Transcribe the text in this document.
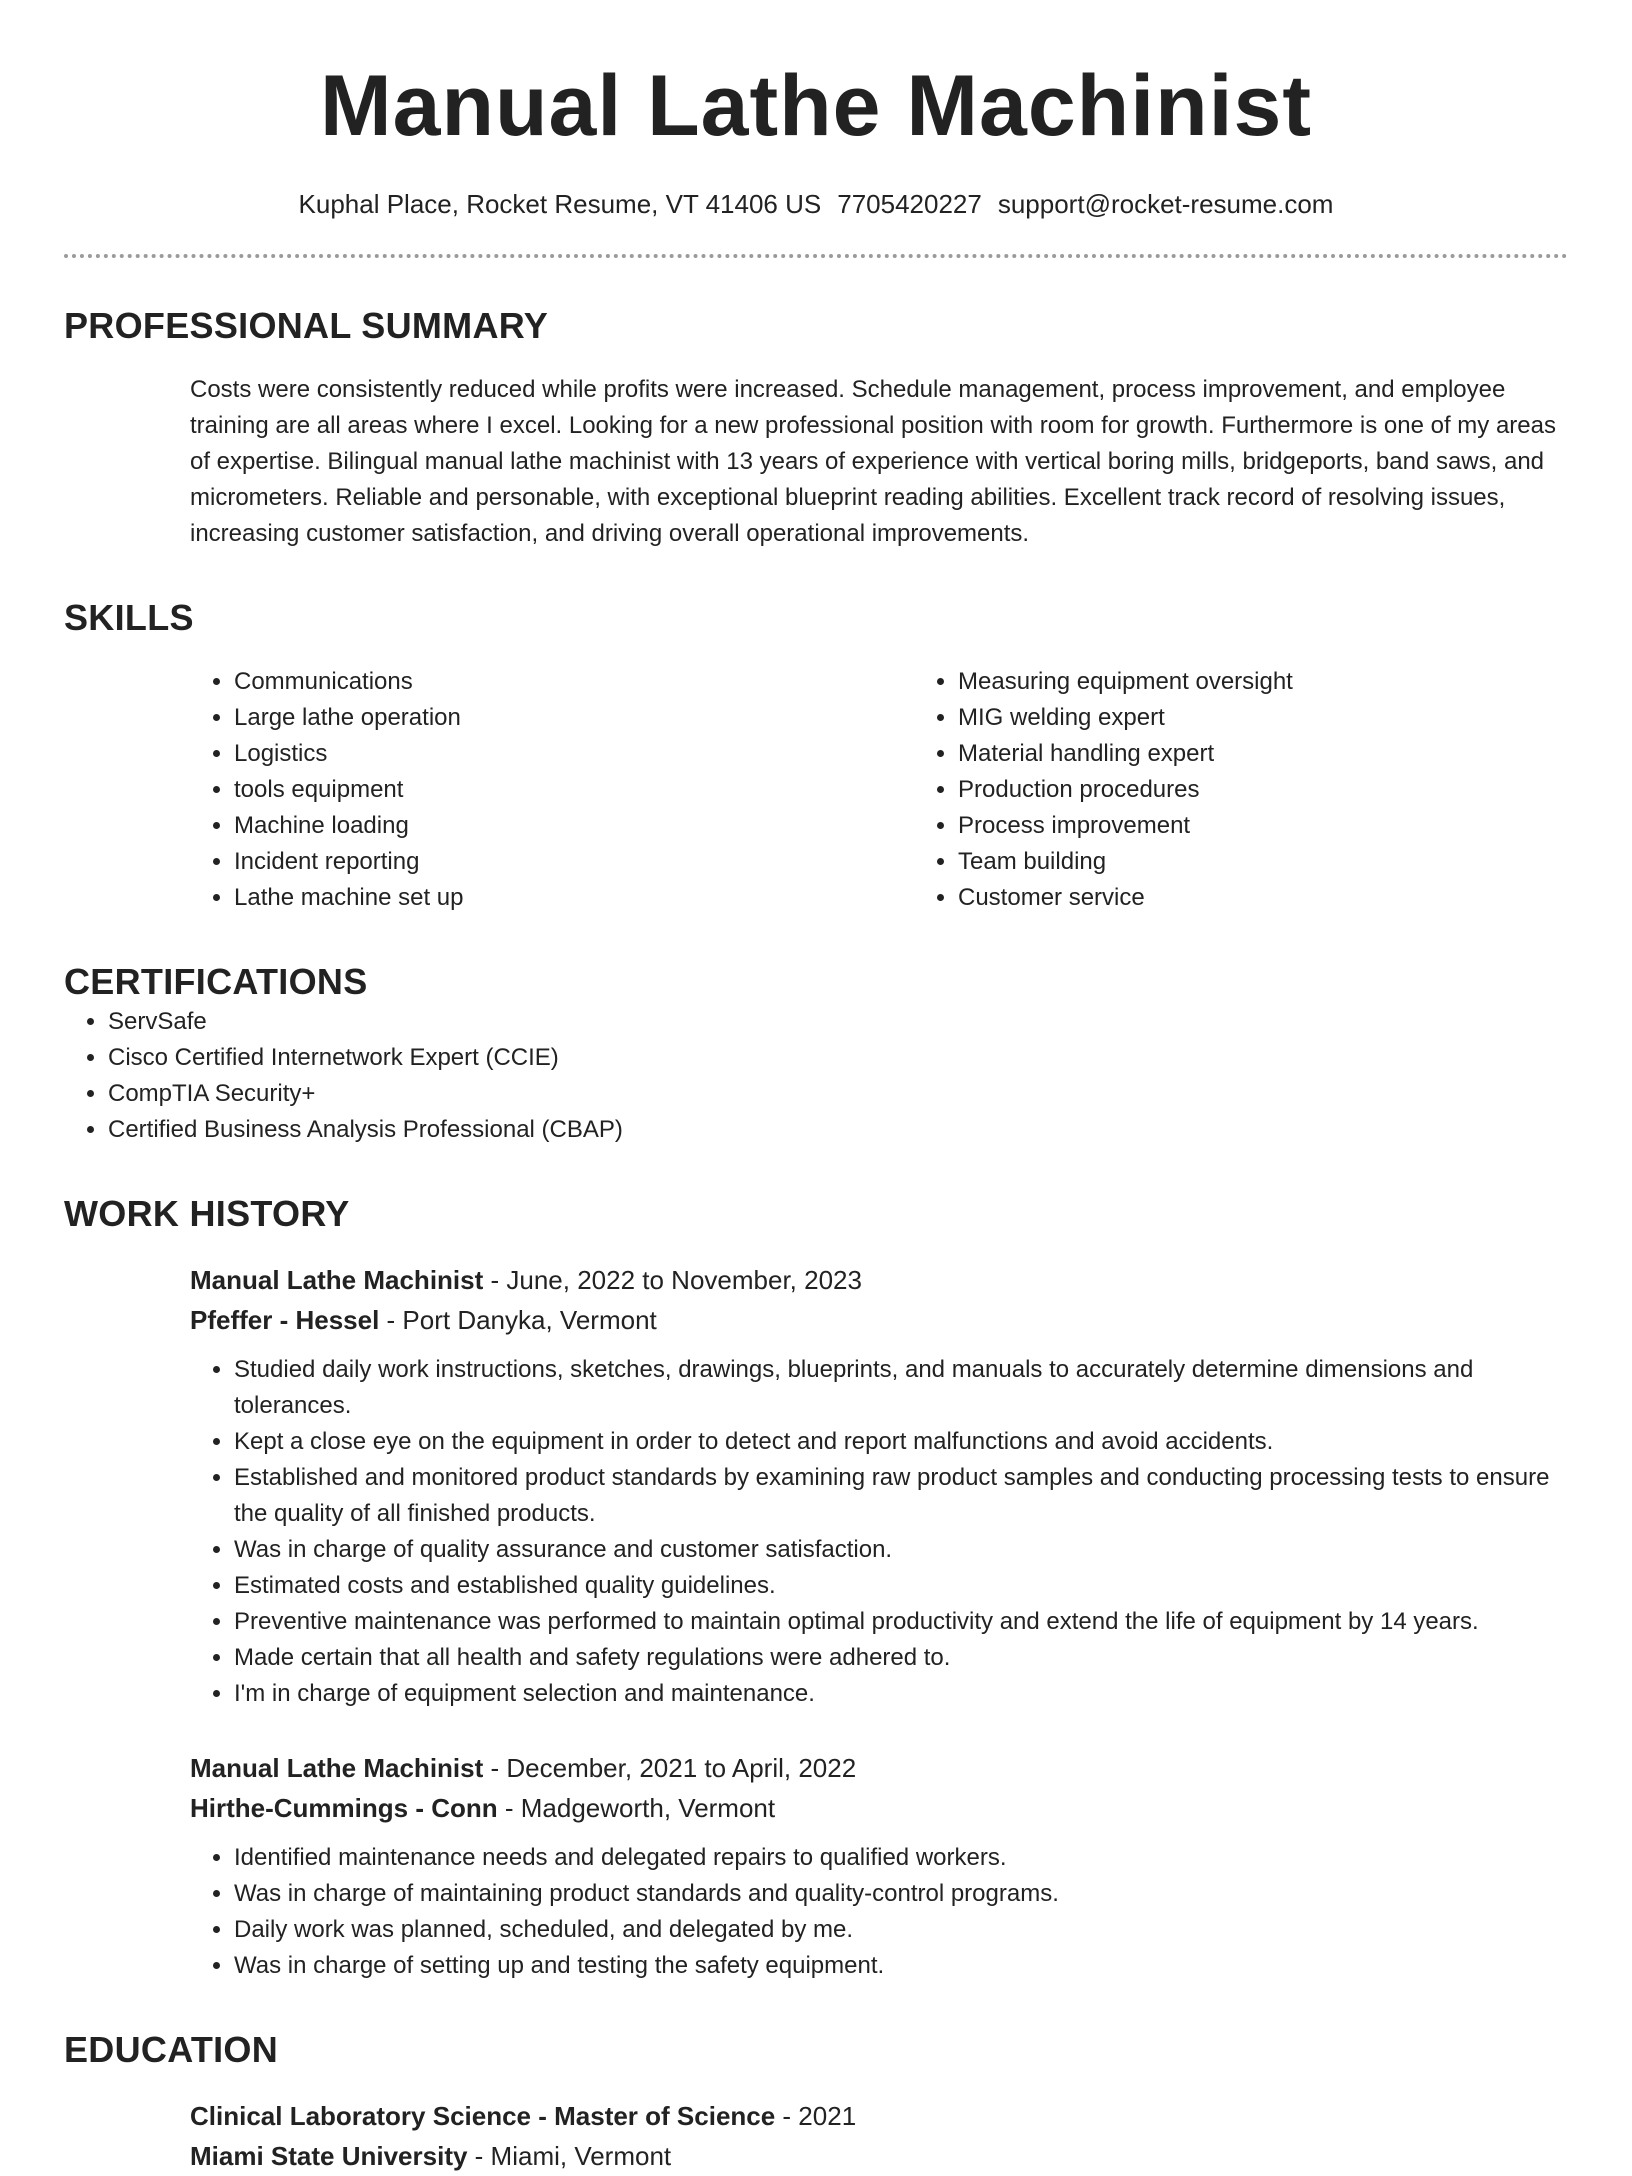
Manual Lathe Machinist
Kuphal Place, Rocket Resume, VT 41406 US 7705420227 support@rocket-resume.com
PROFESSIONAL SUMMARY
Costs were consistently reduced while profits were increased. Schedule management, process improvement, and employee training are all areas where I excel. Looking for a new professional position with room for growth. Furthermore is one of my areas of expertise. Bilingual manual lathe machinist with 13 years of experience with vertical boring mills, bridgeports, band saws, and micrometers. Reliable and personable, with exceptional blueprint reading abilities. Excellent track record of resolving issues, increasing customer satisfaction, and driving overall operational improvements.
SKILLS
• Communications
• Large lathe operation
• Logistics
• tools equipment
• Machine loading
• Incident reporting
• Lathe machine set up
• Measuring equipment oversight
• MIG welding expert
• Material handling expert
• Production procedures
• Process improvement
• Team building
• Customer service
CERTIFICATIONS
• ServSafe
• Cisco Certified Internetwork Expert (CCIE)
• CompTIA Security+
• Certified Business Analysis Professional (CBAP)
WORK HISTORY
Manual Lathe Machinist - June, 2022 to November, 2023
Pfeffer - Hessel - Port Danyka, Vermont
• Studied daily work instructions, sketches, drawings, blueprints, and manuals to accurately determine dimensions and tolerances.
• Kept a close eye on the equipment in order to detect and report malfunctions and avoid accidents.
• Established and monitored product standards by examining raw product samples and conducting processing tests to ensure the quality of all finished products.
• Was in charge of quality assurance and customer satisfaction.
• Estimated costs and established quality guidelines.
• Preventive maintenance was performed to maintain optimal productivity and extend the life of equipment by 14 years.
• Made certain that all health and safety regulations were adhered to.
• I'm in charge of equipment selection and maintenance.
Manual Lathe Machinist - December, 2021 to April, 2022
Hirthe-Cummings - Conn - Madgeworth, Vermont
• Identified maintenance needs and delegated repairs to qualified workers.
• Was in charge of maintaining product standards and quality-control programs.
• Daily work was planned, scheduled, and delegated by me.
• Was in charge of setting up and testing the safety equipment.
EDUCATION
Clinical Laboratory Science - Master of Science - 2021
Miami State University - Miami, Vermont
